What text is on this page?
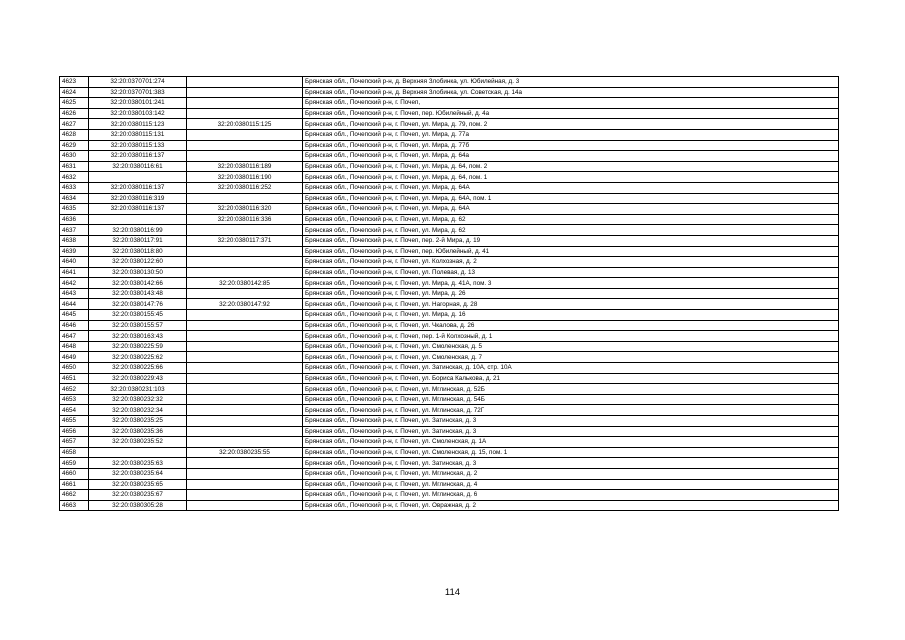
4623	32:20:0370701:274		Брянская обл., Почепский р-н, д. Верхняя Злобинка, ул. Юбилейная, д. 3
4624	32:20:0370701:383		Брянская обл., Почепский р-н, д. Верхняя Злобинка, ул. Советская, д. 14а
4625	32:20:0380101:241		Брянская обл., Почепский р-н, г. Почеп,
4626	32:20:0380103:142		Брянская обл., Почепский р-н, г. Почеп, пер. Юбилейный, д. 4а
4627	32:20:0380115:123	32:20:0380115:125	Брянская обл., Почепский р-н, г. Почеп, ул. Мира, д. 79, пом. 2
4628	32:20:0380115:131		Брянская обл., Почепский р-н, г. Почеп, ул. Мира, д. 77а
4629	32:20:0380115:133		Брянская обл., Почепский р-н, г. Почеп, ул. Мира, д. 77б
4630	32:20:0380116:137		Брянская обл., Почепский р-н, г. Почеп, ул. Мира, д. 64а
4631	32:20:0380116:61	32:20:0380116:189	Брянская обл., Почепский р-н, г. Почеп, ул. Мира, д. 64, пом. 2
4632		32:20:0380116:190	Брянская обл., Почепский р-н, г. Почеп, ул. Мира, д. 64, пом. 1
4633	32:20:0380116:137	32:20:0380116:252	Брянская обл., Почепский р-н, г. Почеп, ул. Мира, д. 64А
4634	32:20:0380116:319		Брянская обл., Почепский р-н, г. Почеп, ул. Мира, д. 64А, пом. 1
4635	32:20:0380116:137	32:20:0380116:320	Брянская обл., Почепский р-н, г. Почеп, ул. Мира, д. 64А
4636		32:20:0380116:336	Брянская обл., Почепский р-н, г. Почеп, ул. Мира, д. 62
4637	32:20:0380116:99		Брянская обл., Почепский р-н, г. Почеп, ул. Мира, д. 62
4638	32:20:0380117:91	32:20:0380117:371	Брянская обл., Почепский р-н, г. Почеп, пер. 2-й Мира, д. 19
4639	32:20:0380118:80		Брянская обл., Почепский р-н, г. Почеп, пер. Юбилейный, д. 41
4640	32:20:0380122:60		Брянская обл., Почепский р-н, г. Почеп, ул. Колхозная, д. 2
4641	32:20:0380130:50		Брянская обл., Почепский р-н, г. Почеп, ул. Полевая, д. 13
4642	32:20:0380142:66	32:20:0380142:85	Брянская обл., Почепский р-н, г. Почеп, ул. Мира, д. 41А, пом. 3
4643	32:20:0380143:48		Брянская обл., Почепский р-н, г. Почеп, ул. Мира, д. 26
4644	32:20:0380147:76	32:20:0380147:92	Брянская обл., Почепский р-н, г. Почеп, ул. Нагорная, д. 28
4645	32:20:0380155:45		Брянская обл., Почепский р-н, г. Почеп, ул. Мира, д. 16
4646	32:20:0380155:57		Брянская обл., Почепский р-н, г. Почеп, ул. Чкалова, д. 26
4647	32:20:0380163:43		Брянская обл., Почепский р-н, г. Почеп, пер. 1-й Колхозный, д. 1
4648	32:20:0380225:59		Брянская обл., Почепский р-н, г. Почеп, ул. Смоленская, д. 5
4649	32:20:0380225:62		Брянская обл., Почепский р-н, г. Почеп, ул. Смоленская, д. 7
4650	32:20:0380225:66		Брянская обл., Почепский р-н, г. Почеп, ул. Затинская, д. 10А, стр. 10А
4651	32:20:0380229:43		Брянская обл., Почепский р-н, г. Почеп, ул. Бориса Калькова, д. 21
4652	32:20:0380231:103		Брянская обл., Почепский р-н, г. Почеп, ул. Мглинская, д. 52Б
4653	32:20:0380232:32		Брянская обл., Почепский р-н, г. Почеп, ул. Мглинская, д. 54Б
4654	32:20:0380232:34		Брянская обл., Почепский р-н, г. Почеп, ул. Мглинская, д. 72Г
4655	32:20:0380235:25		Брянская обл., Почепский р-н, г. Почеп, ул. Затинская, д. 3
4656	32:20:0380235:36		Брянская обл., Почепский р-н, г. Почеп, ул. Затинская, д. 3
4657	32:20:0380235:52		Брянская обл., Почепский р-н, г. Почеп, ул. Смоленская, д. 1А
4658		32:20:0380235:55	Брянская обл., Почепский р-н, г. Почеп, ул. Смоленская, д. 15, пом. 1
4659	32:20:0380235:63		Брянская обл., Почепский р-н, г. Почеп, ул. Затинская, д. 3
4660	32:20:0380235:64		Брянская обл., Почепский р-н, г. Почеп, ул. Мглинская, д. 2
4661	32:20:0380235:65		Брянская обл., Почепский р-н, г. Почеп, ул. Мглинская, д. 4
4662	32:20:0380235:67		Брянская обл., Почепский р-н, г. Почеп, ул. Мглинская, д. 6
4663	32:20:0380305:28		Брянская обл., Почепский р-н, г. Почеп, ул. Овражная, д. 2
114
